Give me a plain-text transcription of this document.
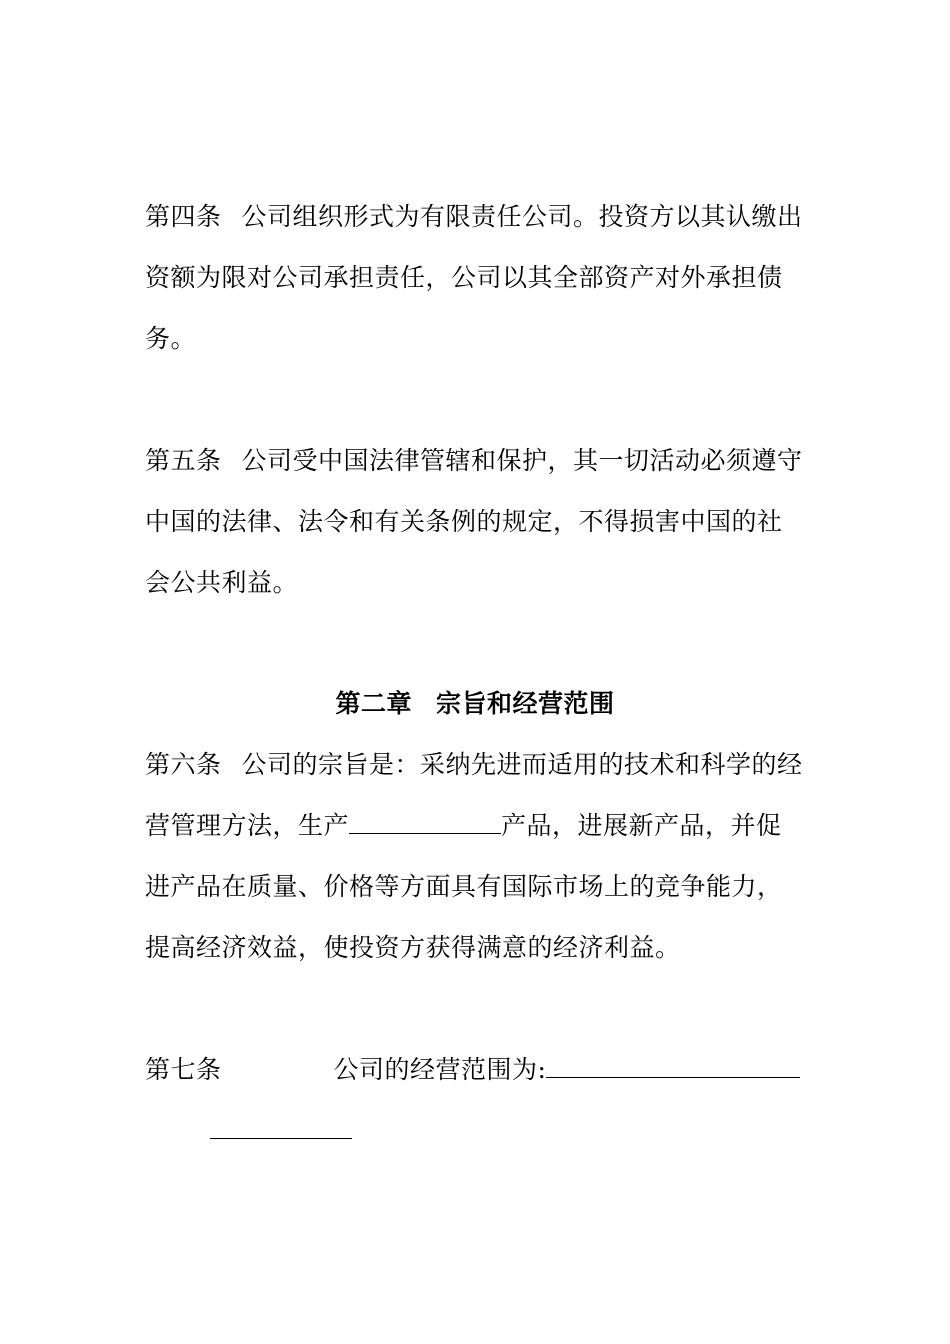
第四条 公司组织形式为有限责任公司。投资方以其认缴出
资额为限对公司承担责任，公司以其全部资产对外承担债
务。
第五条 公司受中国法律管辖和保护，其一切活动必须遵守
中国的法律、法令和有关条例的规定，不得损害中国的社
会公共利益。
第二章 宗旨和经营范围
第六条 公司的宗旨是：采纳先进而适用的技术和科学的经
营管理方法，生产	产品，进展新产品，并促
进产品在质量、价格等方面具有国际市场上的竞争能力，
提高经济效益，使投资方获得满意的经济利益。
第七条	公司的经营范围为:
